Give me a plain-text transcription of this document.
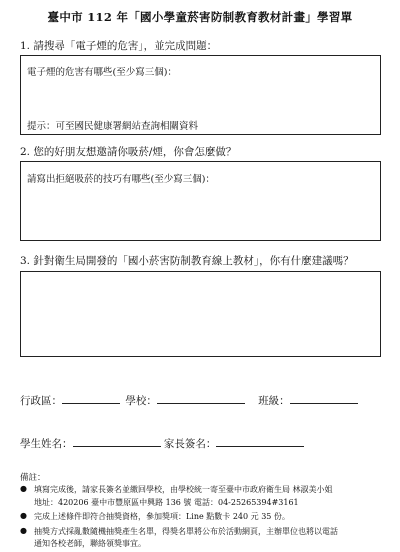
臺中市 112 年「國小學童菸害防制教育教材計畫」學習單
1. 請搜尋「電子煙的危害」，並完成問題：
電子煙的危害有哪些(至少寫三個)：
提示：可至國民健康署網站查詢相關資料
2. 您的好朋友想邀請你吸菸/煙，你會怎麼做？
請寫出拒絕吸菸的技巧有哪些(至少寫三個)：
3. 針對衛生局開發的「國小菸害防制教育線上教材」，你有什麼建議嗎？
行政區：	學校：	班級：
學生姓名：	家長簽名：
備註：
● 填寫完成後，請家長簽名並繳回學校，由學校統一寄至臺中市政府衛生局 林淑美小姐
地址：420206 臺中市豐原區中興路 136 號 電話：04-25265394#3161
● 完成上述條件即符合抽獎資格，參加獎項：Line 點數卡 240 元 35 份。
● 抽獎方式採亂數隨機抽獎產生名單，得獎名單將公布於活動網頁，主辦單位也將以電話
通知各校老師，聯絡領獎事宜。
